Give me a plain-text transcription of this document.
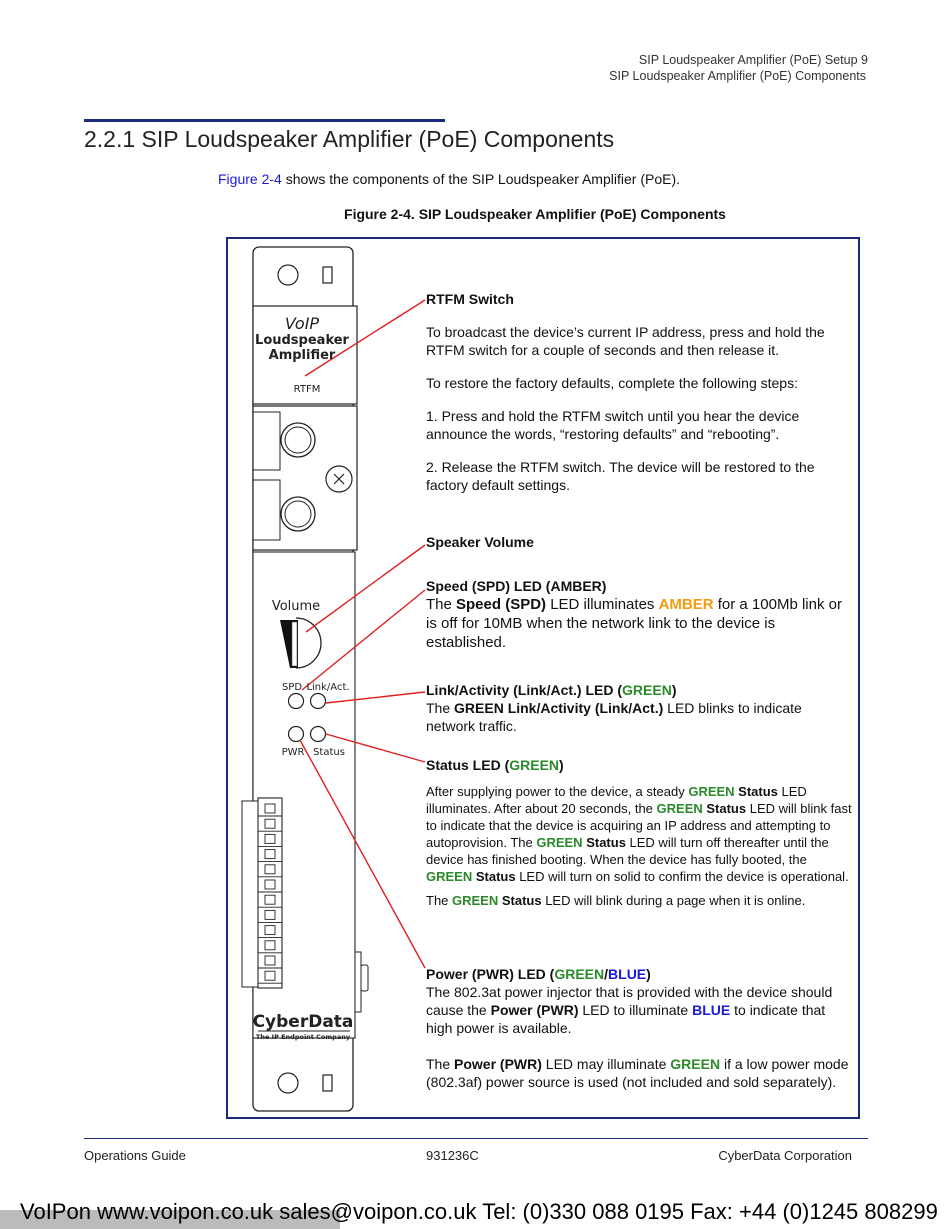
SIP Loudspeaker Amplifier (PoE) Setup 9
SIP Loudspeaker Amplifier (PoE) Components
2.2.1 SIP Loudspeaker Amplifier (PoE) Components
Figure 2-4 shows the components of the SIP Loudspeaker Amplifier (PoE).
Figure 2-4. SIP Loudspeaker Amplifier (PoE) Components
VoIP
Loudspeaker
Amplifier
RTFM
Volume
SPD Link/Act.
PWR Status
CyberData
The IP Endpoint Company

RTFM Switch

To broadcast the device’s current IP address, press and hold the RTFM switch for a couple of seconds and then release it.

To restore the factory defaults, complete the following steps:

1. Press and hold the RTFM switch until you hear the device announce the words, “restoring defaults” and “rebooting”.

2. Release the RTFM switch. The device will be restored to the factory default settings.

Speaker Volume

Speed (SPD) LED (AMBER)

The Speed (SPD) LED illuminates AMBER for a 100Mb link or is off for 10MB when the network link to the device is established.

Link/Activity (Link/Act.) LED (GREEN)

The GREEN Link/Activity (Link/Act.) LED blinks to indicate network traffic.

Status LED (GREEN)

After supplying power to the device, a steady GREEN Status LED illuminates. After about 20 seconds, the GREEN Status LED will blink fast to indicate that the device is acquiring an IP address and attempting to autoprovision. The GREEN Status LED will turn off thereafter until the device has finished booting. When the device has fully booted, the GREEN Status LED will turn on solid to confirm the device is operational.

The GREEN Status LED will blink during a page when it is online.

Power (PWR) LED (GREEN/BLUE)

The 802.3at power injector that is provided with the device should cause the Power (PWR) LED to illuminate BLUE to indicate that high power is available.

The Power (PWR) LED may illuminate GREEN if a low power mode (802.3af) power source is used (not included and sold separately).

Operations Guide	931236C	CyberData Corporation
VoIPon www.voipon.co.uk sales@voipon.co.uk Tel: (0)330 088 0195 Fax: +44 (0)1245 808299
